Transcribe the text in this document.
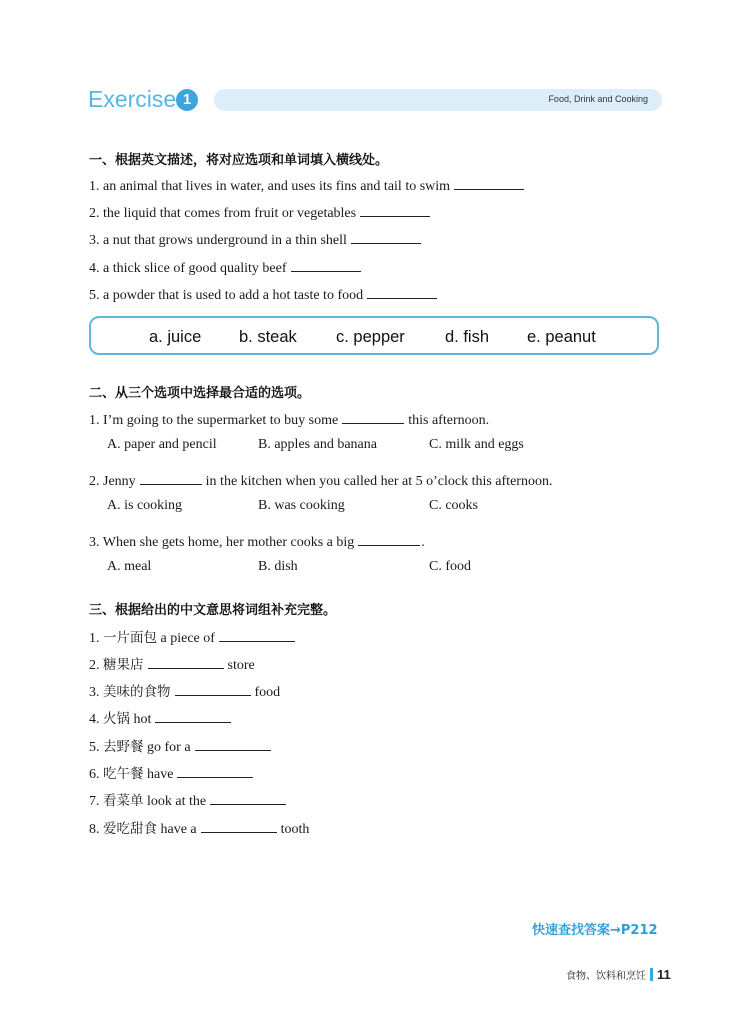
Exercise 1	Food, Drink and Cooking
一、根据英文描述，将对应选项和单词填入横线处。
1. an animal that lives in water, and uses its fins and tail to swim
2. the liquid that comes from fruit or vegetables
3. a nut that grows underground in a thin shell
4. a thick slice of good quality beef
5. a powder that is used to add a hot taste to food
a. juice b. steak c. pepper d. fish e. peanut
二、从三个选项中选择最合适的选项。
1. I’m going to the supermarket to buy some	this afternoon.
A. paper and pencil	B. apples and banana	C. milk and eggs
2. Jenny	in the kitchen when you called her at 5 o’clock this afternoon.
A. is cooking	B. was cooking	C. cooks
3. When she gets home, her mother cooks a big	.
A. meal	B. dish	C. food
三、根据给出的中文意思将词组补充完整。
1. 一片面包 a piece of
2. 糖果店	store
3. 美味的食物	food
4. 火锅 hot
5. 去野餐 go for a
6. 吃午餐 have
7. 看菜单 look at the
8. 爱吃甜食 have a	tooth
快速查找答案→P212
食物、饮料和烹饪 11
